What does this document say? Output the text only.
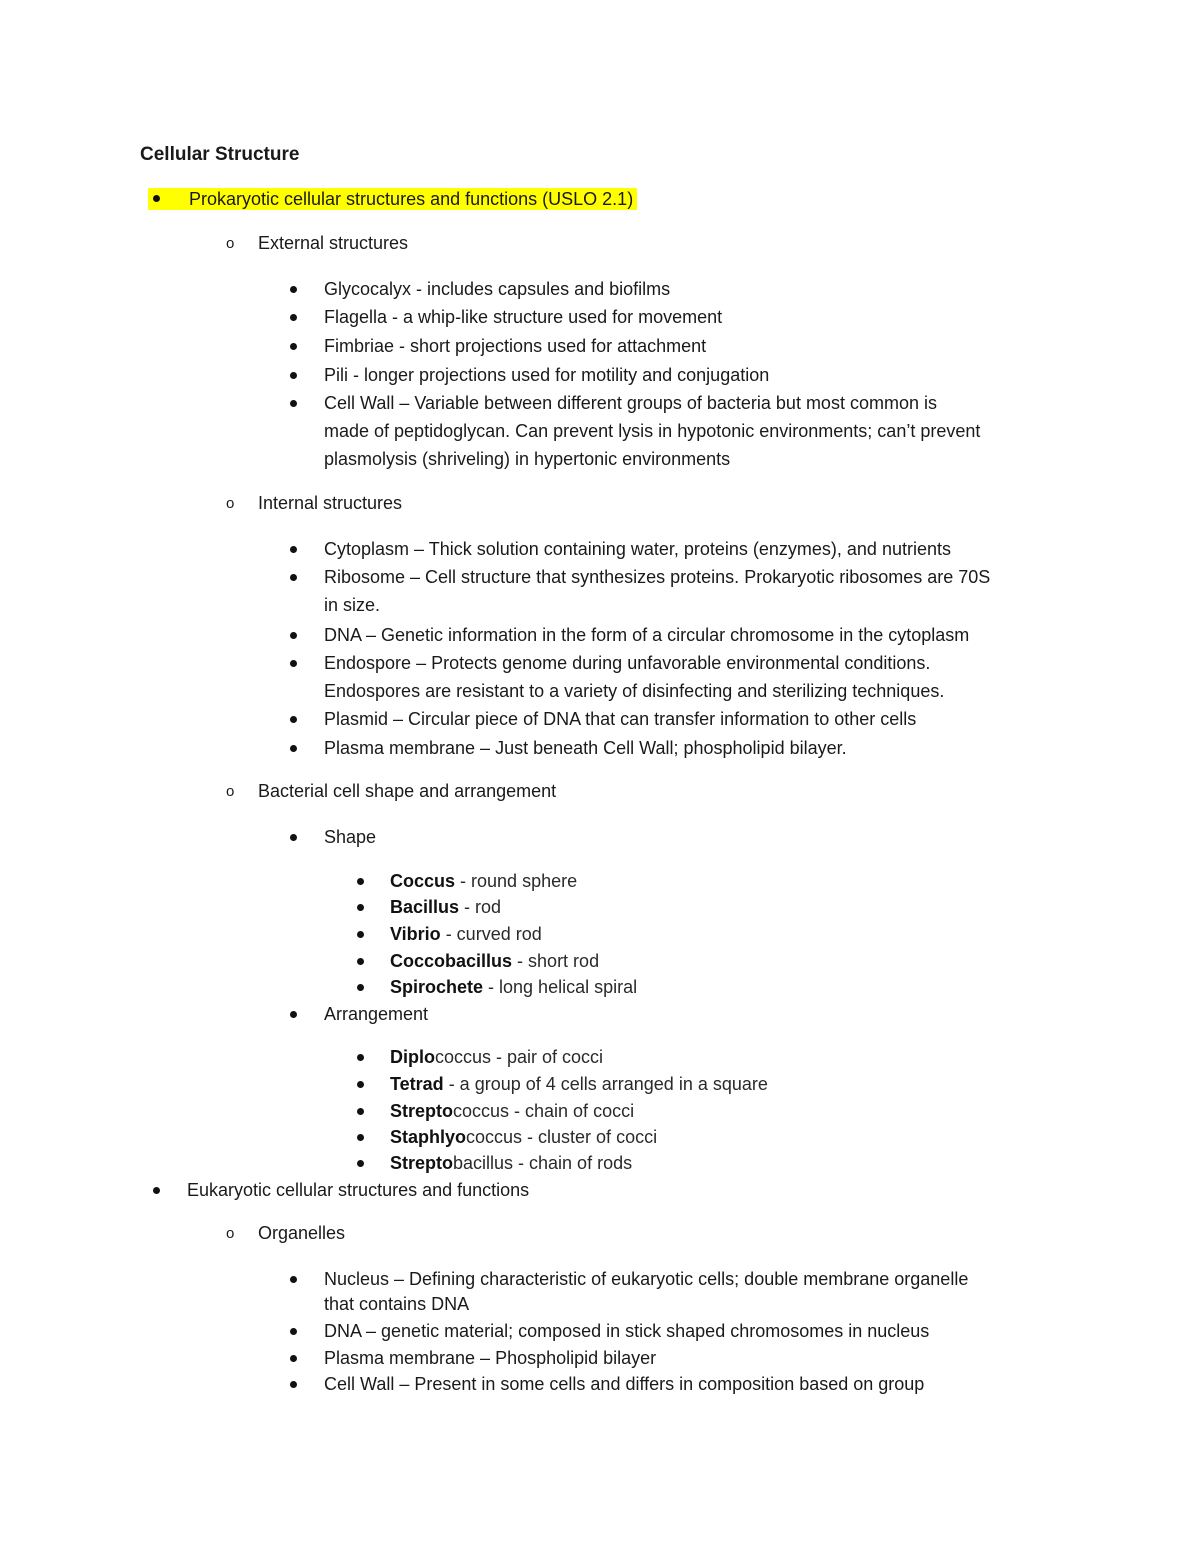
Cellular Structure
Prokaryotic cellular structures and functions (USLO 2.1)
o External structures
Glycocalyx - includes capsules and biofilms
Flagella - a whip-like structure used for movement
Fimbriae - short projections used for attachment
Pili - longer projections used for motility and conjugation
Cell Wall – Variable between different groups of bacteria but most common is
made of peptidoglycan. Can prevent lysis in hypotonic environments; can’t prevent
plasmolysis (shriveling) in hypertonic environments
o Internal structures
Cytoplasm – Thick solution containing water, proteins (enzymes), and nutrients
Ribosome – Cell structure that synthesizes proteins. Prokaryotic ribosomes are 70S
in size.
DNA – Genetic information in the form of a circular chromosome in the cytoplasm
Endospore – Protects genome during unfavorable environmental conditions.
Endospores are resistant to a variety of disinfecting and sterilizing techniques.
Plasmid – Circular piece of DNA that can transfer information to other cells
Plasma membrane – Just beneath Cell Wall; phospholipid bilayer.
o Bacterial cell shape and arrangement
Shape
Coccus - round sphere
Bacillus - rod
Vibrio - curved rod
Coccobacillus - short rod
Spirochete - long helical spiral
Arrangement
Diplococcus - pair of cocci
Tetrad - a group of 4 cells arranged in a square
Streptococcus - chain of cocci
Staphlyococcus - cluster of cocci
Streptobacillus - chain of rods
Eukaryotic cellular structures and functions
o Organelles
Nucleus – Defining characteristic of eukaryotic cells; double membrane organelle
that contains DNA
DNA – genetic material; composed in stick shaped chromosomes in nucleus
Plasma membrane – Phospholipid bilayer
Cell Wall – Present in some cells and differs in composition based on group
